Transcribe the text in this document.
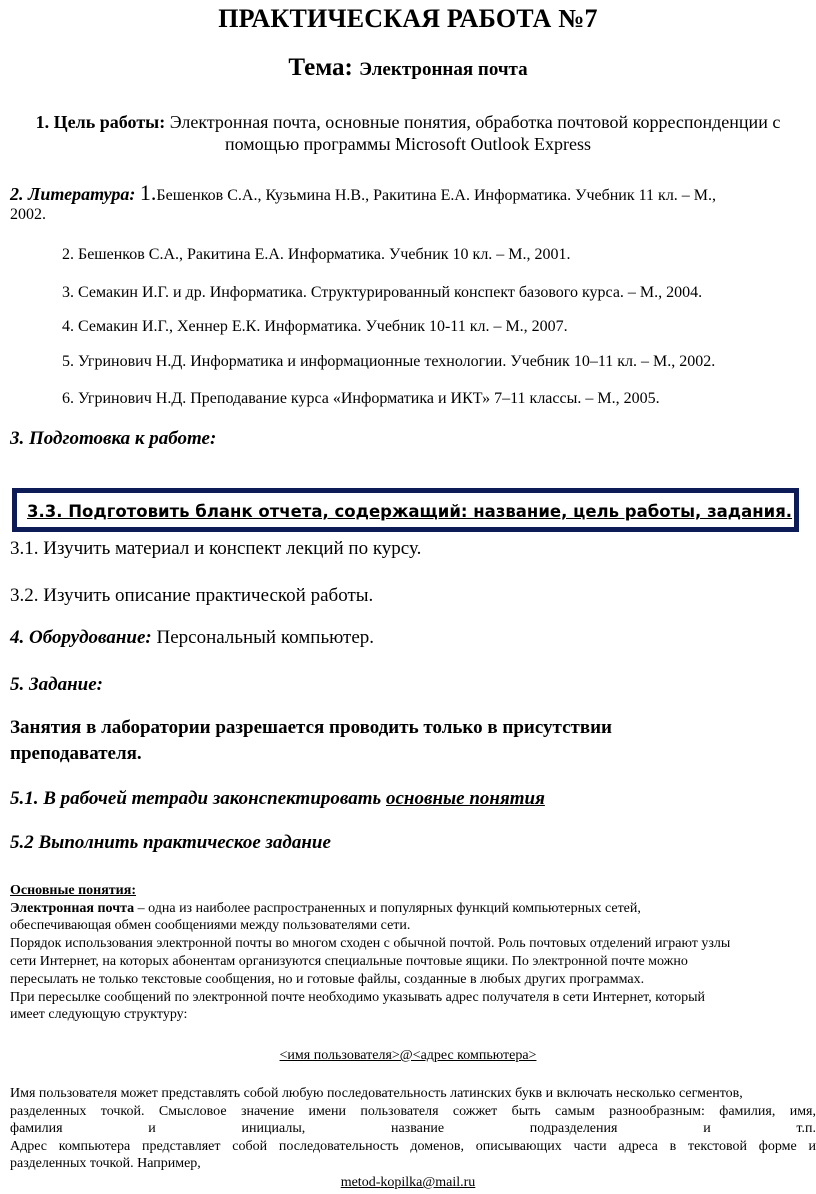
ПРАКТИЧЕСКАЯ РАБОТА №7
Тема: Электронная почта
1. Цель работы: Электронная почта, основные понятия, обработка почтовой корреспонденции с
помощью программы Microsoft Outlook Express
2. Литература: 1.Бешенков С.А., Кузьмина Н.В., Ракитина Е.А. Информатика. Учебник 11 кл. – М.,
2002.
2. Бешенков С.А., Ракитина Е.А. Информатика. Учебник 10 кл. – М., 2001.
3. Семакин И.Г. и др. Информатика. Структурированный конспект базового курса. – М., 2004.
4. Семакин И.Г., Хеннер Е.К. Информатика. Учебник 10-11 кл. – М., 2007.
5. Угринович Н.Д. Информатика и информационные технологии. Учебник 10–11 кл. – М., 2002.
6. Угринович Н.Д. Преподавание курса «Информатика и ИКТ» 7–11 классы. – М., 2005.
3. Подготовка к работе:
3.3. Подготовить бланк отчета, содержащий: название, цель работы, задания.
3.1. Изучить материал и конспект лекций по курсу.
3.2. Изучить описание практической работы.
4. Оборудование: Персональный компьютер.
5. Задание:
Занятия в лаборатории разрешается проводить только в присутствии
преподавателя.
5.1. В рабочей тетради законспектировать основные понятия
5.2 Выполнить практическое задание
Основные понятия:
Электронная почта – одна из наиболее распространенных и популярных функций компьютерных сетей,
обеспечивающая обмен сообщениями между пользователями сети.
Порядок использования электронной почты во многом сходен с обычной почтой. Роль почтовых отделений играют узлы
сети Интернет, на которых абонентам организуются специальные почтовые ящики. По электронной почте можно
пересылать не только текстовые сообщения, но и готовые файлы, созданные в любых других программах.
При пересылке сообщений по электронной почте необходимо указывать адрес получателя в сети Интернет, который
имеет следующую структуру:
<имя пользователя>@<адрес компьютера>
Имя пользователя может представлять собой любую последовательность латинских букв и включать несколько сегментов,
разделенных точкой. Смысловое значение имени пользователя сожжет быть самым разнообразным: фамилия, имя,
фамилия	и	инициалы,	название	подразделения	и	т.п.
Адрес компьютера представляет собой последовательность доменов, описывающих части адреса в текстовой форме и
разделенных точкой. Например,
metod-kopilka@mail.ru
